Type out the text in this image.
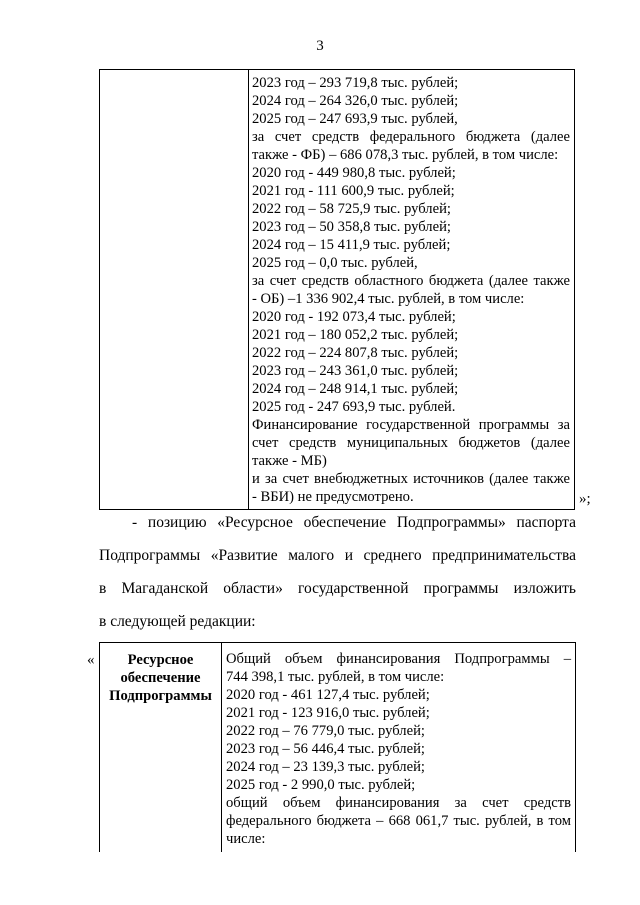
3
2023 год – 293 719,8 тыс. рублей;
2024 год – 264 326,0 тыс. рублей;
2025 год – 247 693,9 тыс. рублей,
за счет средств федерального бюджета (далее
также - ФБ) – 686 078,3 тыс. рублей, в том числе:
2020 год - 449 980,8 тыс. рублей;
2021 год - 111 600,9 тыс. рублей;
2022 год – 58 725,9 тыс. рублей;
2023 год – 50 358,8 тыс. рублей;
2024 год – 15 411,9 тыс. рублей;
2025 год – 0,0 тыс. рублей,
за счет средств областного бюджета (далее также
- ОБ) –1 336 902,4 тыс. рублей, в том числе:
2020 год - 192 073,4 тыс. рублей;
2021 год – 180 052,2 тыс. рублей;
2022 год – 224 807,8 тыс. рублей;
2023 год – 243 361,0 тыс. рублей;
2024 год – 248 914,1 тыс. рублей;
2025 год - 247 693,9 тыс. рублей.
Финансирование государственной программы за
счет средств муниципальных бюджетов (далее
также - МБ)
и за счет внебюджетных источников (далее также
- ВБИ) не предусмотрено.	»;
- позицию «Ресурсное обеспечение Подпрограммы» паспорта
Подпрограммы «Развитие малого и среднего предпринимательства
в Магаданской области» государственной программы изложить
в следующей редакции:
«	Ресурсное
обеспечение
Подпрограммы
Общий объем финансирования Подпрограммы –
744 398,1 тыс. рублей, в том числе:
2020 год - 461 127,4 тыс. рублей;
2021 год - 123 916,0 тыс. рублей;
2022 год – 76 779,0 тыс. рублей;
2023 год – 56 446,4 тыс. рублей;
2024 год – 23 139,3 тыс. рублей;
2025 год - 2 990,0 тыс. рублей;
общий объем финансирования за счет средств
федерального бюджета – 668 061,7 тыс. рублей, в том
числе:
